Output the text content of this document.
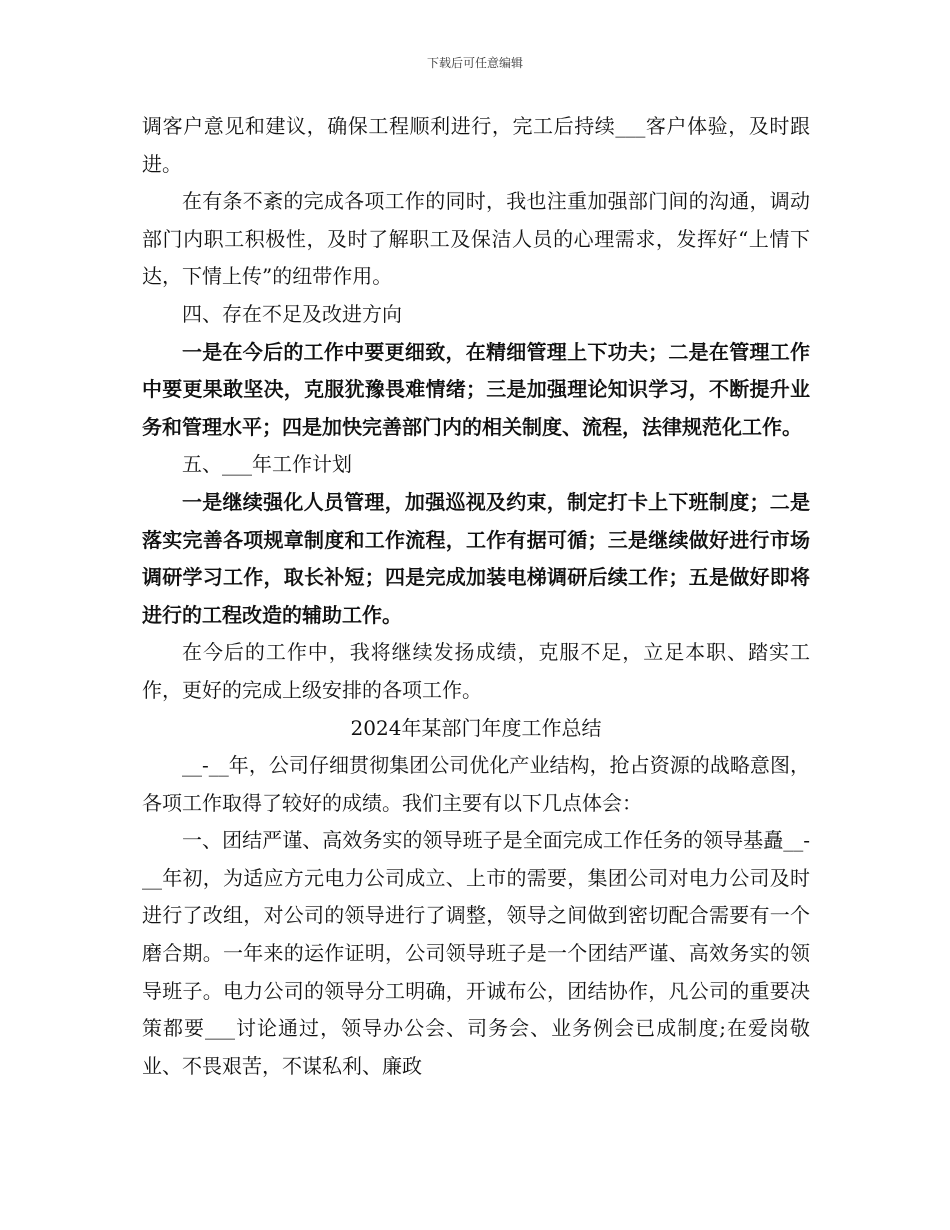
下载后可任意编辑

调客户意见和建议，确保工程顺利进行，完工后持续___客户体验，及时跟进。

在有条不紊的完成各项工作的同时，我也注重加强部门间的沟通，调动部门内职工积极性，及时了解职工及保洁人员的心理需求，发挥好“上情下达，下情上传”的纽带作用。

四、存在不足及改进方向

一是在今后的工作中要更细致，在精细管理上下功夫；二是在管理工作中要更果敢坚决，克服犹豫畏难情绪；三是加强理论知识学习，不断提升业务和管理水平；四是加快完善部门内的相关制度、流程，法律规范化工作。

五、___年工作计划

一是继续强化人员管理，加强巡视及约束，制定打卡上下班制度；二是落实完善各项规章制度和工作流程，工作有据可循；三是继续做好进行市场调研学习工作，取长补短；四是完成加装电梯调研后续工作；五是做好即将进行的工程改造的辅助工作。

在今后的工作中，我将继续发扬成绩，克服不足，立足本职、踏实工作，更好的完成上级安排的各项工作。

2024年某部门年度工作总结

__-__年，公司仔细贯彻集团公司优化产业结构，抢占资源的战略意图，各项工作取得了较好的成绩。我们主要有以下几点体会：

一、团结严谨、高效务实的领导班子是全面完成工作任务的领导基矗__-__年初，为适应方元电力公司成立、上市的需要，集团公司对电力公司及时进行了改组，对公司的领导进行了调整，领导之间做到密切配合需要有一个磨合期。一年来的运作证明，公司领导班子是一个团结严谨、高效务实的领导班子。电力公司的领导分工明确，开诚布公，团结协作，凡公司的重要决策都要___讨论通过，领导办公会、司务会、业务例会已成制度;在爱岗敬业、不畏艰苦，不谋私利、廉政
